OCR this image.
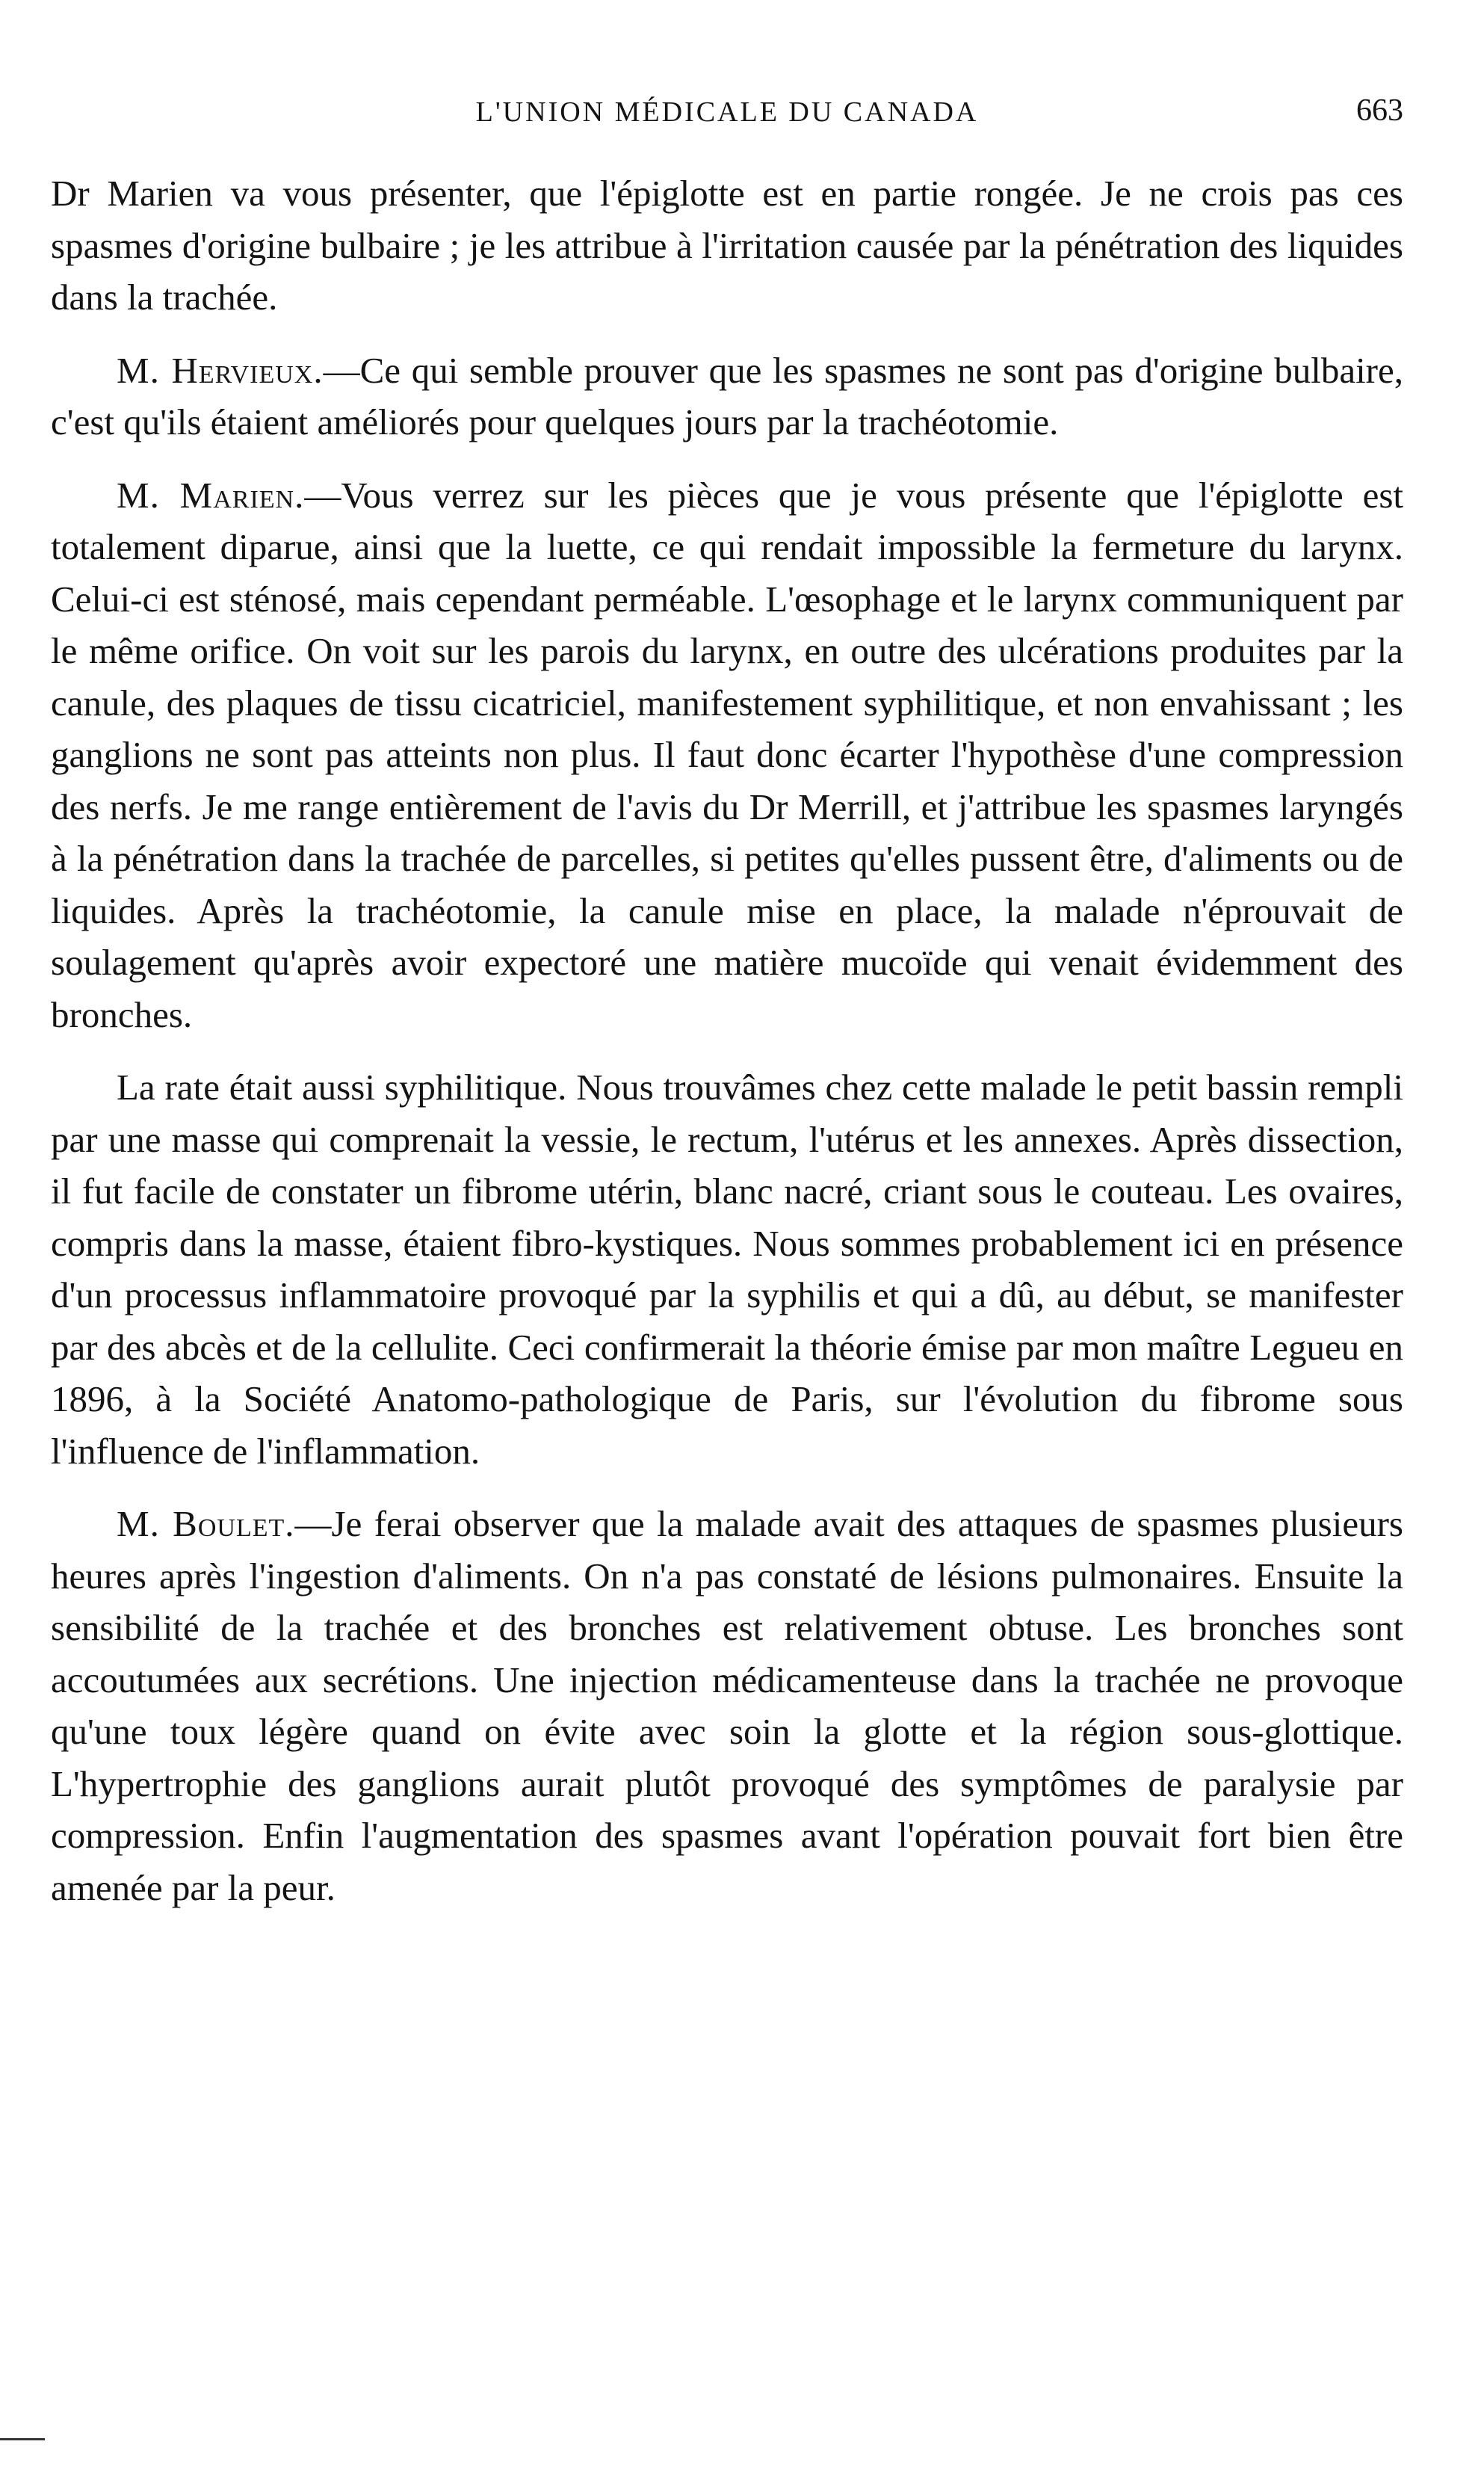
L'UNION MÉDICALE DU CANADA	663

Dr Marien va vous présenter, que l'épiglotte est en partie rongée. Je ne crois pas ces spasmes d'origine bulbaire ; je les attribue à l'irritation causée par la pénétration des liquides dans la trachée.

M. Hervieux.—Ce qui semble prouver que les spasmes ne sont pas d'origine bulbaire, c'est qu'ils étaient améliorés pour quelques jours par la trachéotomie.

M. Marien.—Vous verrez sur les pièces que je vous présente que l'épiglotte est totalement diparue, ainsi que la luette, ce qui rendait impossible la fermeture du larynx. Celui-ci est sténosé, mais cependant perméable. L'œsophage et le larynx communiquent par le même orifice. On voit sur les parois du larynx, en outre des ulcérations produites par la canule, des plaques de tissu cicatriciel, manifestement syphilitique, et non envahissant ; les ganglions ne sont pas atteints non plus. Il faut donc écarter l'hypothèse d'une compression des nerfs. Je me range entièrement de l'avis du Dr Merrill, et j'attribue les spasmes laryngés à la pénétration dans la trachée de parcelles, si petites qu'elles pussent être, d'aliments ou de liquides. Après la trachéotomie, la canule mise en place, la malade n'éprouvait de soulagement qu'après avoir expectoré une matière mucoïde qui venait évidemment des bronches.

La rate était aussi syphilitique. Nous trouvâmes chez cette malade le petit bassin rempli par une masse qui comprenait la vessie, le rectum, l'utérus et les annexes. Après dissection, il fut facile de constater un fibrome utérin, blanc nacré, criant sous le couteau. Les ovaires, compris dans la masse, étaient fibro-kystiques. Nous sommes probablement ici en présence d'un processus inflammatoire provoqué par la syphilis et qui a dû, au début, se manifester par des abcès et de la cellulite. Ceci confirmerait la théorie émise par mon maître Legueu en 1896, à la Société Anatomo-pathologique de Paris, sur l'évolution du fibrome sous l'influence de l'inflammation.

M. Boulet.—Je ferai observer que la malade avait des attaques de spasmes plusieurs heures après l'ingestion d'aliments. On n'a pas constaté de lésions pulmonaires. Ensuite la sensibilité de la trachée et des bronches est relativement obtuse. Les bronches sont accoutumées aux secrétions. Une injection médicamenteuse dans la trachée ne provoque qu'une toux légère quand on évite avec soin la glotte et la région sous-glottique. L'hypertrophie des ganglions aurait plutôt provoqué des symptômes de paralysie par compression. Enfin l'augmentation des spasmes avant l'opération pouvait fort bien être amenée par la peur.
